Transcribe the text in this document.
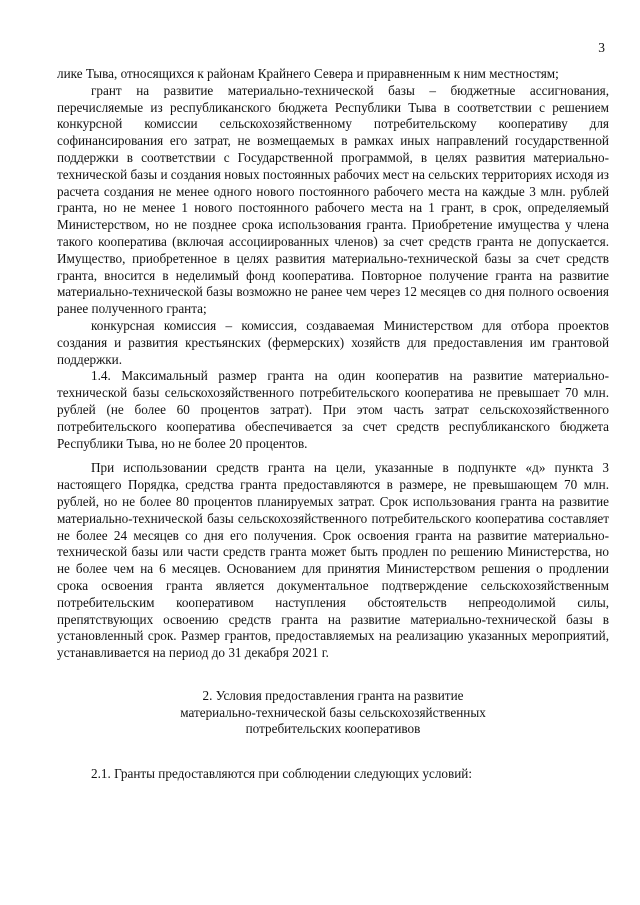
3

лике Тыва, относящихся к районам Крайнего Севера и приравненным к ним местностям;

грант на развитие материально-технической базы – бюджетные ассигнования, перечисляемые из республиканского бюджета Республики Тыва в соответствии с решением конкурсной комиссии сельскохозяйственному потребительскому кооперативу для софинансирования его затрат, не возмещаемых в рамках иных направлений государственной поддержки в соответствии с Государственной программой, в целях развития материально-технической базы и создания новых постоянных рабочих мест на сельских территориях исходя из расчета создания не менее одного нового постоянного рабочего места на каждые 3 млн. рублей гранта, но не менее 1 нового постоянного рабочего места на 1 грант, в срок, определяемый Министерством, но не позднее срока использования гранта. Приобретение имущества у члена такого кооператива (включая ассоциированных членов) за счет средств гранта не допускается. Имущество, приобретенное в целях развития материально-технической базы за счет средств гранта, вносится в неделимый фонд кооператива. Повторное получение гранта на развитие материально-технической базы возможно не ранее чем через 12 месяцев со дня полного освоения ранее полученного гранта;

конкурсная комиссия – комиссия, создаваемая Министерством для отбора проектов создания и развития крестьянских (фермерских) хозяйств для предоставления им грантовой поддержки.

1.4. Максимальный размер гранта на один кооператив на развитие материально-технической базы сельскохозяйственного потребительского кооператива не превышает 70 млн. рублей (не более 60 процентов затрат). При этом часть затрат сельскохозяйственного потребительского кооператива обеспечивается за счет средств республиканского бюджета Республики Тыва, но не более 20 процентов.

При использовании средств гранта на цели, указанные в подпункте «д» пункта 3 настоящего Порядка, средства гранта предоставляются в размере, не превышающем 70 млн. рублей, но не более 80 процентов планируемых затрат. Срок использования гранта на развитие материально-технической базы сельскохозяйственного потребительского кооператива составляет не более 24 месяцев со дня его получения. Срок освоения гранта на развитие материально-технической базы или части средств гранта может быть продлен по решению Министерства, но не более чем на 6 месяцев. Основанием для принятия Министерством решения о продлении срока освоения гранта является документальное подтверждение сельскохозяйственным потребительским кооперативом наступления обстоятельств непреодолимой силы, препятствующих освоению средств гранта на развитие материально-технической базы в установленный срок. Размер грантов, предоставляемых на реализацию указанных мероприятий, устанавливается на период до 31 декабря 2021 г.

2. Условия предоставления гранта на развитие
материально-технической базы сельскохозяйственных
потребительских кооперативов

2.1. Гранты предоставляются при соблюдении следующих условий:
